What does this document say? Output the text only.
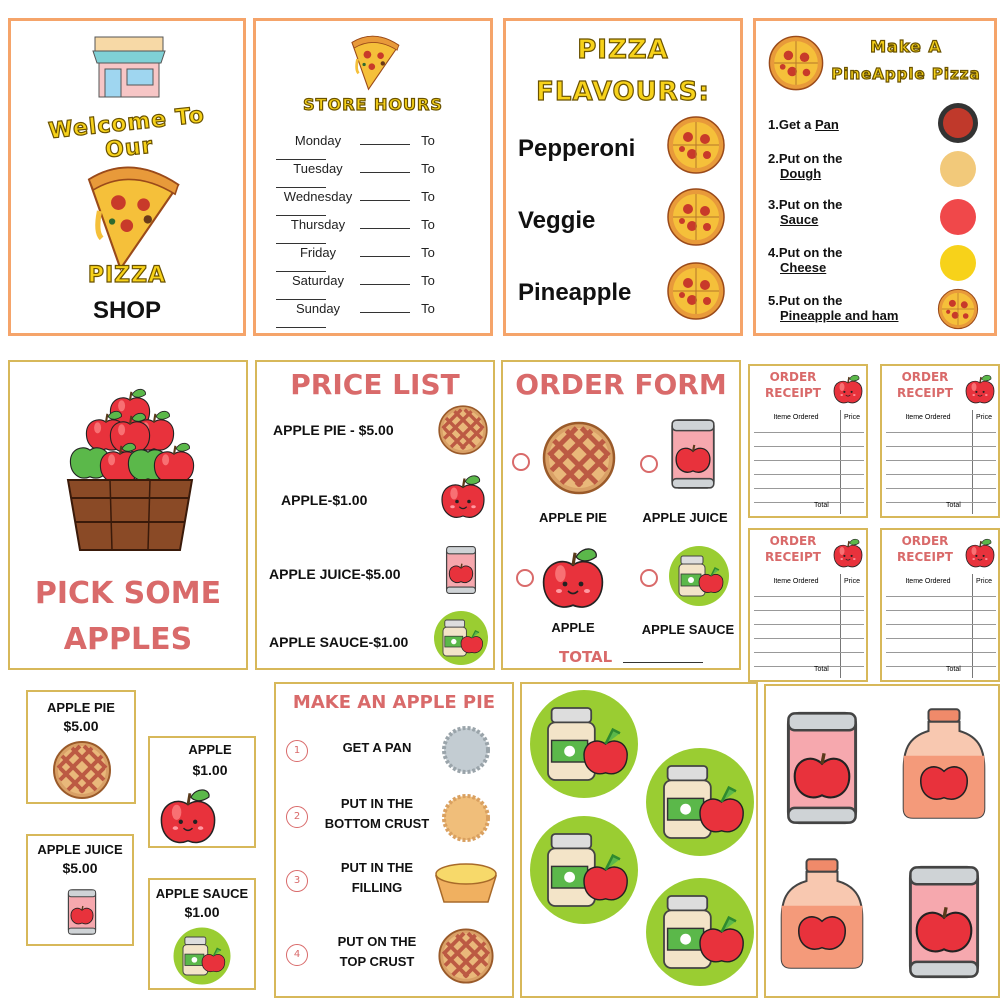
Welcome To Our
PIZZA
SHOP
STORE HOURS
Monday	To
Tuesday	To
Wednesday	To
Thursday	To
Friday	To
Saturday	To
Sunday	To
PIZZA
FLAVOURS:
Pepperoni
Veggie
Pineapple
Make A
PineApple Pizza
1.Get a Pan
2.Put on the
Dough
3.Put on the
Sauce
4.Put on the
Cheese
5.Put on the
Pineapple and ham
PICK SOME
APPLES
PRICE LIST
APPLE PIE - $5.00
APPLE-$1.00
APPLE JUICE-$5.00
APPLE SAUCE-$1.00
ORDER FORM
APPLE PIE	APPLE JUICE
APPLE	APPLE SAUCE
TOTAL
APPLE PIE
$5.00
APPLE
$1.00
APPLE JUICE
$5.00
APPLE SAUCE
$1.00
MAKE AN APPLE PIE
1	GET A PAN
2
PUT IN THE
BOTTOM CRUST
3
PUT IN THE
FILLING
4
PUT ON THE
TOP CRUST
ORDER
RECEIPT
Iteme Ordered	Price
Total
ORDER
RECEIPT
Iteme Ordered	Price
Total
ORDER
RECEIPT
Iteme Ordered	Price
Total
ORDER
RECEIPT
Iteme Ordered	Price
Total
